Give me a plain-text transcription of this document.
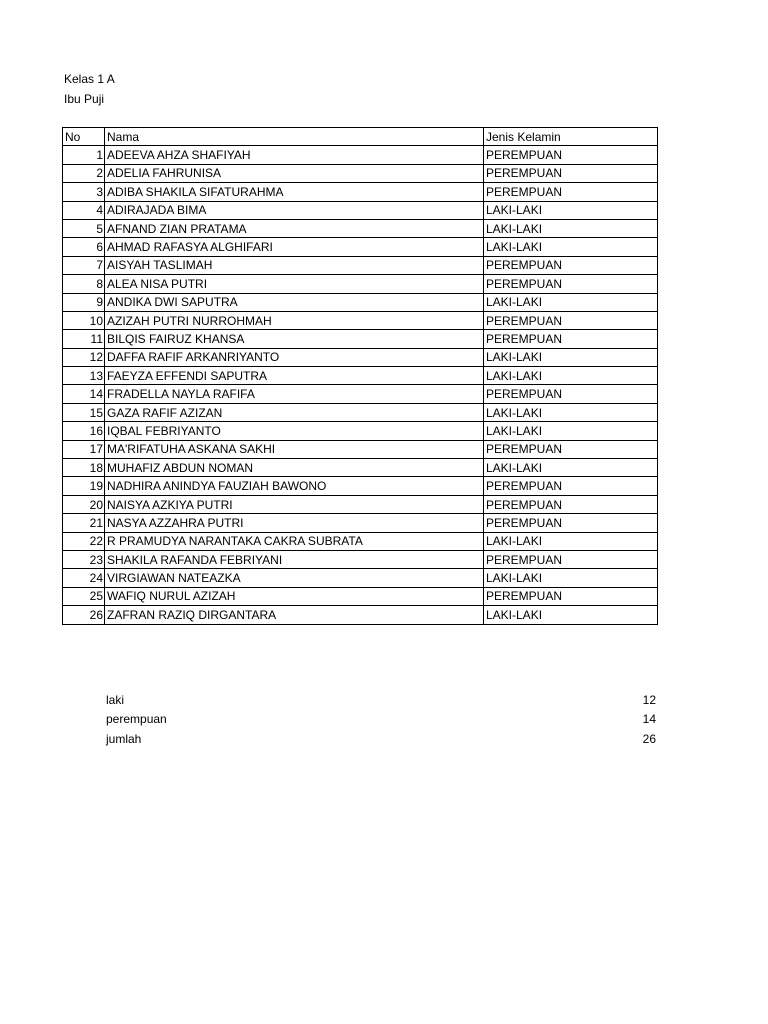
Kelas 1 A
Ibu Puji
No	Nama	Jenis Kelamin
1	ADEEVA AHZA SHAFIYAH	PEREMPUAN
2	ADELIA FAHRUNISA	PEREMPUAN
3	ADIBA SHAKILA SIFATURAHMA	PEREMPUAN
4	ADIRAJADA BIMA	LAKI-LAKI
5	AFNAND ZIAN PRATAMA	LAKI-LAKI
6	AHMAD RAFASYA ALGHIFARI	LAKI-LAKI
7	AISYAH TASLIMAH	PEREMPUAN
8	ALEA NISA PUTRI	PEREMPUAN
9	ANDIKA DWI SAPUTRA	LAKI-LAKI
10	AZIZAH PUTRI NURROHMAH	PEREMPUAN
11	BILQIS FAIRUZ KHANSA	PEREMPUAN
12	DAFFA RAFIF ARKANRIYANTO	LAKI-LAKI
13	FAEYZA EFFENDI SAPUTRA	LAKI-LAKI
14	FRADELLA NAYLA RAFIFA	PEREMPUAN
15	GAZA RAFIF AZIZAN	LAKI-LAKI
16	IQBAL FEBRIYANTO	LAKI-LAKI
17	MA'RIFATUHA ASKANA SAKHI	PEREMPUAN
18	MUHAFIZ ABDUN NOMAN	LAKI-LAKI
19	NADHIRA ANINDYA FAUZIAH BAWONO	PEREMPUAN
20	NAISYA AZKIYA PUTRI	PEREMPUAN
21	NASYA AZZAHRA PUTRI	PEREMPUAN
22	R PRAMUDYA NARANTAKA CAKRA SUBRATA	LAKI-LAKI
23	SHAKILA RAFANDA FEBRIYANI	PEREMPUAN
24	VIRGIAWAN NATEAZKA	LAKI-LAKI
25	WAFIQ NURUL AZIZAH	PEREMPUAN
26	ZAFRAN RAZIQ DIRGANTARA	LAKI-LAKI
laki	12
perempuan	14
jumlah	26
